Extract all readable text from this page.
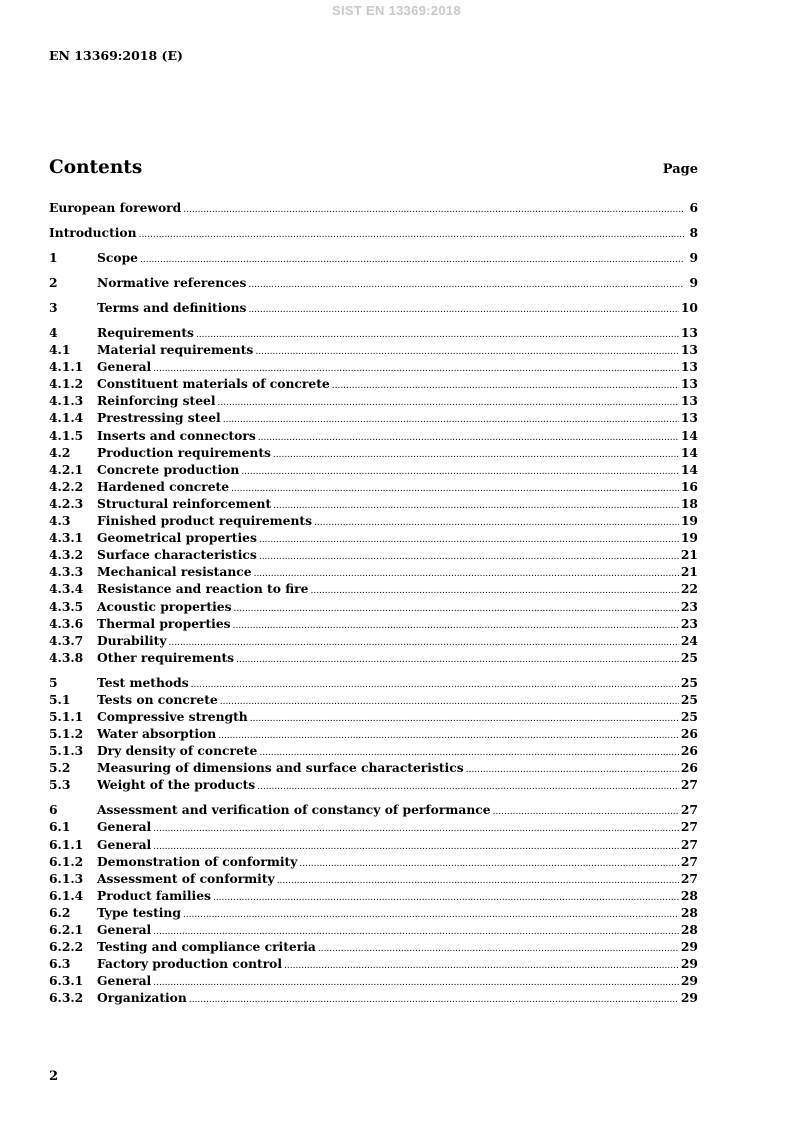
SIST EN 13369:2018
EN 13369:2018 (E)
Contents	Page
European foreword .....	6
Introduction .....	8
1	Scope .....	9
2	Normative references .....	9
3	Terms and definitions .....	10
4	Requirements .....	13
4.1	Material requirements .....	13
4.1.1	General .....	13
4.1.2	Constituent materials of concrete .....	13
4.1.3	Reinforcing steel .....	13
4.1.4	Prestressing steel .....	13
4.1.5	Inserts and connectors .....	14
4.2	Production requirements .....	14
4.2.1	Concrete production .....	14
4.2.2	Hardened concrete .....	16
4.2.3	Structural reinforcement .....	18
4.3	Finished product requirements .....	19
4.3.1	Geometrical properties .....	19
4.3.2	Surface characteristics .....	21
4.3.3	Mechanical resistance .....	21
4.3.4	Resistance and reaction to fire .....	22
4.3.5	Acoustic properties .....	23
4.3.6	Thermal properties .....	23
4.3.7	Durability .....	24
4.3.8	Other requirements .....	25
5	Test methods .....	25
5.1	Tests on concrete .....	25
5.1.1	Compressive strength .....	25
5.1.2	Water absorption .....	26
5.1.3	Dry density of concrete .....	26
5.2	Measuring of dimensions and surface characteristics .....	26
5.3	Weight of the products .....	27
6	Assessment and verification of constancy of performance .....	27
6.1	General .....	27
6.1.1	General .....	27
6.1.2	Demonstration of conformity .....	27
6.1.3	Assessment of conformity .....	27
6.1.4	Product families .....	28
6.2	Type testing .....	28
6.2.1	General .....	28
6.2.2	Testing and compliance criteria .....	29
6.3	Factory production control .....	29
6.3.1	General .....	29
6.3.2	Organization .....	29
2
